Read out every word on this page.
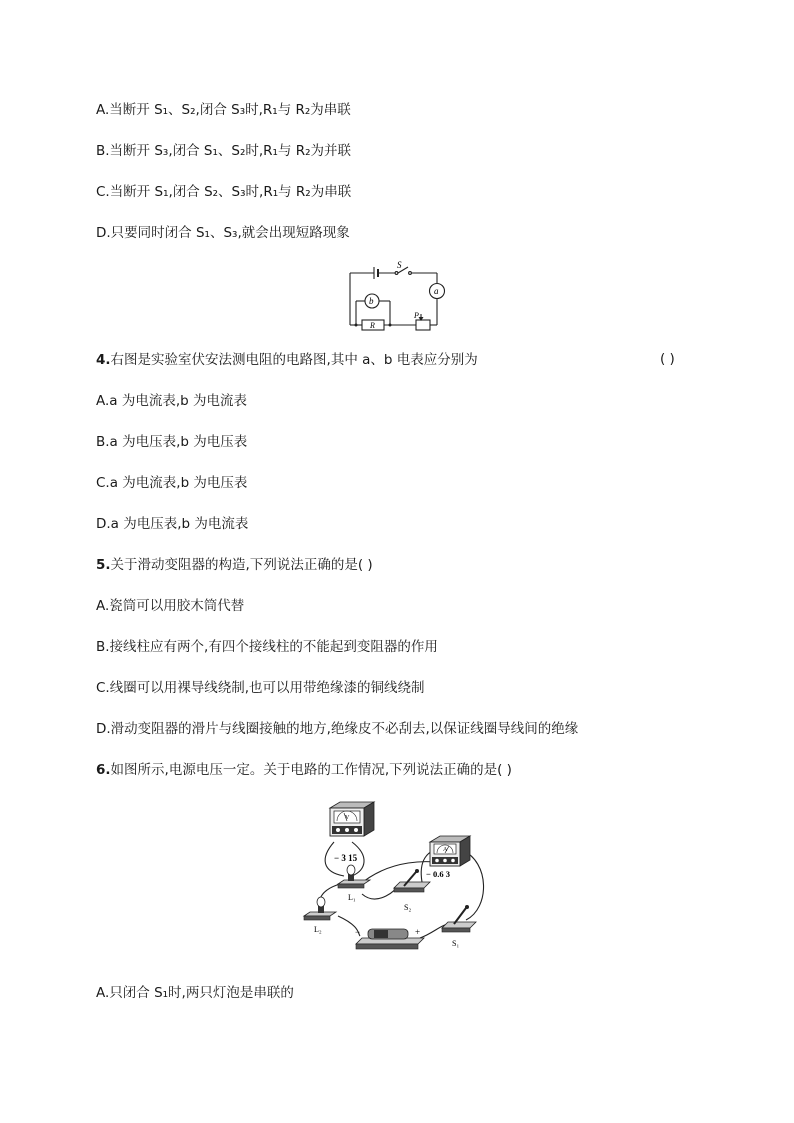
A.当断开 S₁、S₂,闭合 S₃时,R₁与 R₂为串联
B.当断开 S₃,闭合 S₁、S₂时,R₁与 R₂为并联
C.当断开 S₁,闭合 S₂、S₃时,R₁与 R₂为串联
D.只要同时闭合 S₁、S₃,就会出现短路现象
S
a
b
R
P
4.右图是实验室伏安法测电阻的电路图,其中 a、b 电表应分别为	( )
A.a 为电流表,b 为电流表
B.a 为电压表,b 为电压表
C.a 为电流表,b 为电压表
D.a 为电压表,b 为电流表
5.关于滑动变阻器的构造,下列说法正确的是( )
A.瓷筒可以用胶木筒代替
B.接线柱应有两个,有四个接线柱的不能起到变阻器的作用
C.线圈可以用裸导线绕制,也可以用带绝缘漆的铜线绕制
D.滑动变阻器的滑片与线圈接触的地方,绝缘皮不必刮去,以保证线圈导线间的绝缘
6.如图所示,电源电压一定。关于电路的工作情况,下列说法正确的是( )
V
− 3 15
A
− 0.6 3
L₁
S₂
L₂	−	+
S₁
A.只闭合 S₁时,两只灯泡是串联的
